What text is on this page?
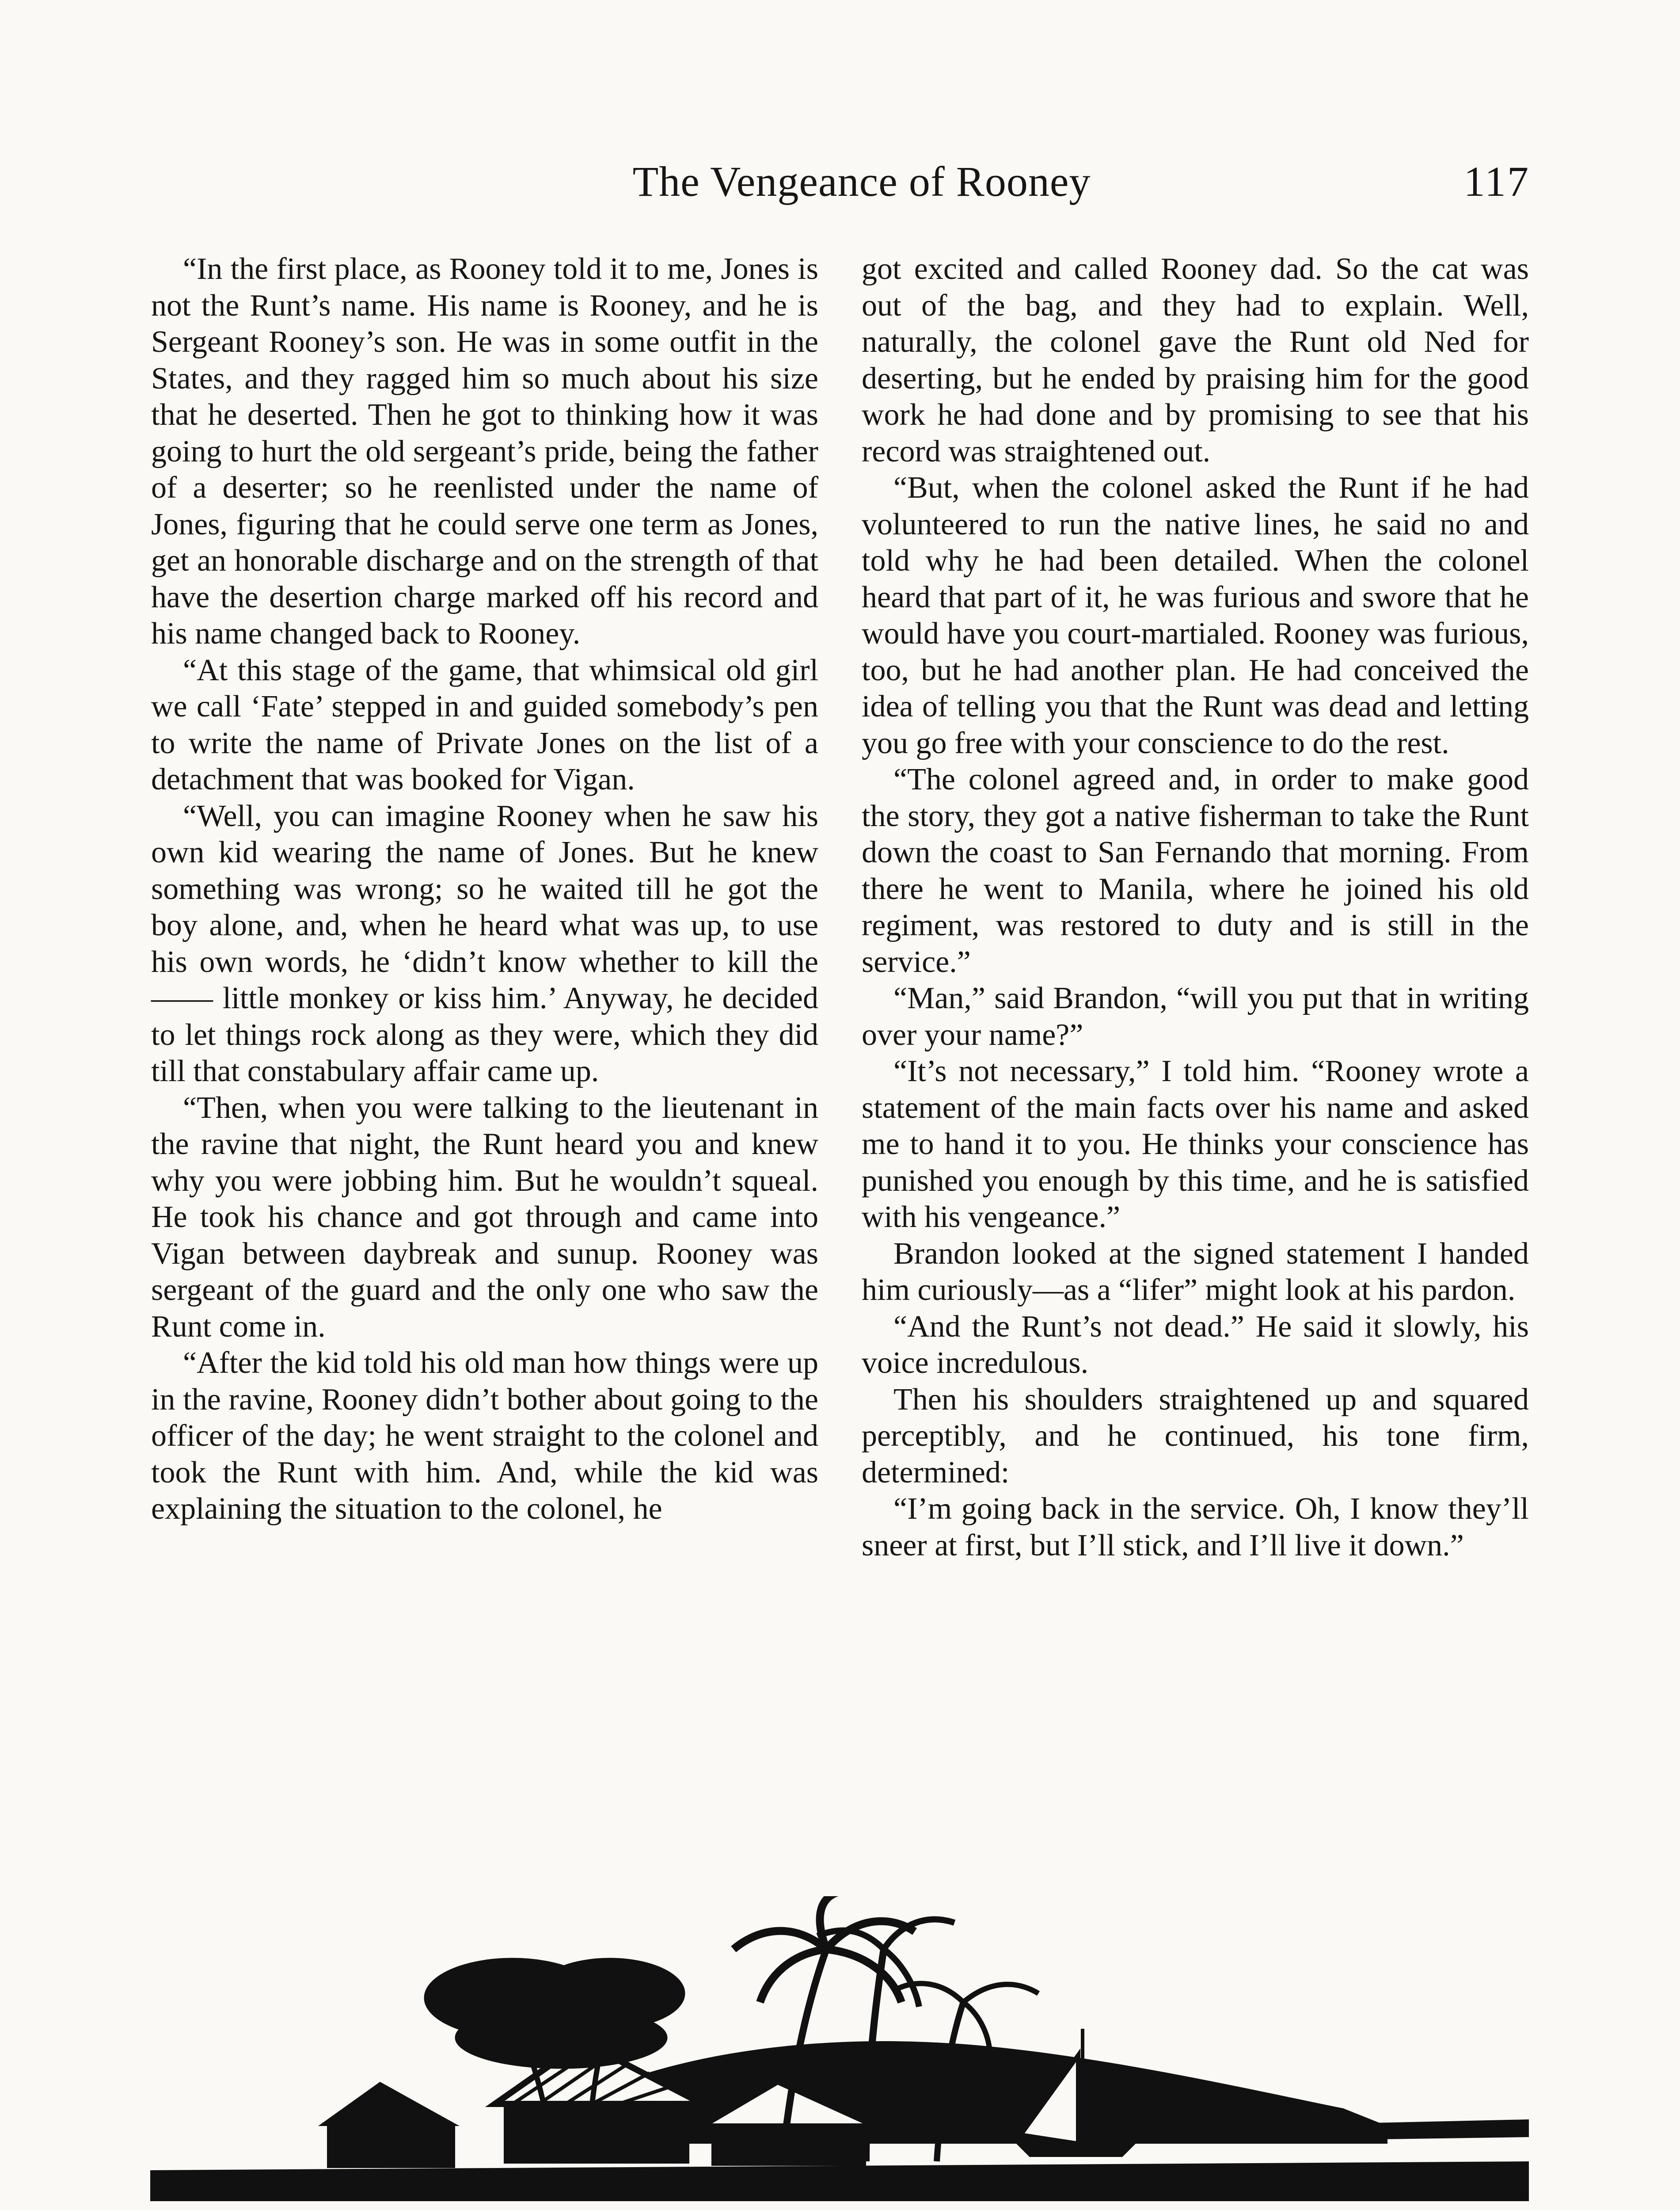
The Vengeance of Rooney	117

“In the first place, as Rooney told it to me, Jones is not the Runt’s name. His name is Rooney, and he is Sergeant Rooney’s son. He was in some outfit in the States, and they ragged him so much about his size that he deserted. Then he got to thinking how it was going to hurt the old sergeant’s pride, being the father of a deserter; so he reenlisted under the name of Jones, figuring that he could serve one term as Jones, get an honorable discharge and on the strength of that have the desertion charge marked off his record and his name changed back to Rooney.

“At this stage of the game, that whimsical old girl we call ‘Fate’ stepped in and guided somebody’s pen to write the name of Private Jones on the list of a detachment that was booked for Vigan.

“Well, you can imagine Rooney when he saw his own kid wearing the name of Jones. But he knew something was wrong; so he waited till he got the boy alone, and, when he heard what was up, to use his own words, he ‘didn’t know whether to kill the —— little monkey or kiss him.’ Anyway, he decided to let things rock along as they were, which they did till that constabulary affair came up.

“Then, when you were talking to the lieutenant in the ravine that night, the Runt heard you and knew why you were jobbing him. But he wouldn’t squeal. He took his chance and got through and came into Vigan between daybreak and sunup. Rooney was sergeant of the guard and the only one who saw the Runt come in.

“After the kid told his old man how things were up in the ravine, Rooney didn’t bother about going to the officer of the day; he went straight to the colonel and took the Runt with him. And, while the kid was explaining the situation to the colonel, he

got excited and called Rooney dad. So the cat was out of the bag, and they had to explain. Well, naturally, the colonel gave the Runt old Ned for deserting, but he ended by praising him for the good work he had done and by promising to see that his record was straightened out.

“But, when the colonel asked the Runt if he had volunteered to run the native lines, he said no and told why he had been detailed. When the colonel heard that part of it, he was furious and swore that he would have you court-martialed. Rooney was furious, too, but he had another plan. He had conceived the idea of telling you that the Runt was dead and letting you go free with your conscience to do the rest.

“The colonel agreed and, in order to make good the story, they got a native fisherman to take the Runt down the coast to San Fernando that morning. From there he went to Manila, where he joined his old regiment, was restored to duty and is still in the service.”

“Man,” said Brandon, “will you put that in writing over your name?”

“It’s not necessary,” I told him. “Rooney wrote a statement of the main facts over his name and asked me to hand it to you. He thinks your conscience has punished you enough by this time, and he is satisfied with his vengeance.”

Brandon looked at the signed statement I handed him curiously—as a “lifer” might look at his pardon.

“And the Runt’s not dead.” He said it slowly, his voice incredulous.

Then his shoulders straightened up and squared perceptibly, and he continued, his tone firm, determined:

“I’m going back in the service. Oh, I know they’ll sneer at first, but I’ll stick, and I’ll live it down.”
